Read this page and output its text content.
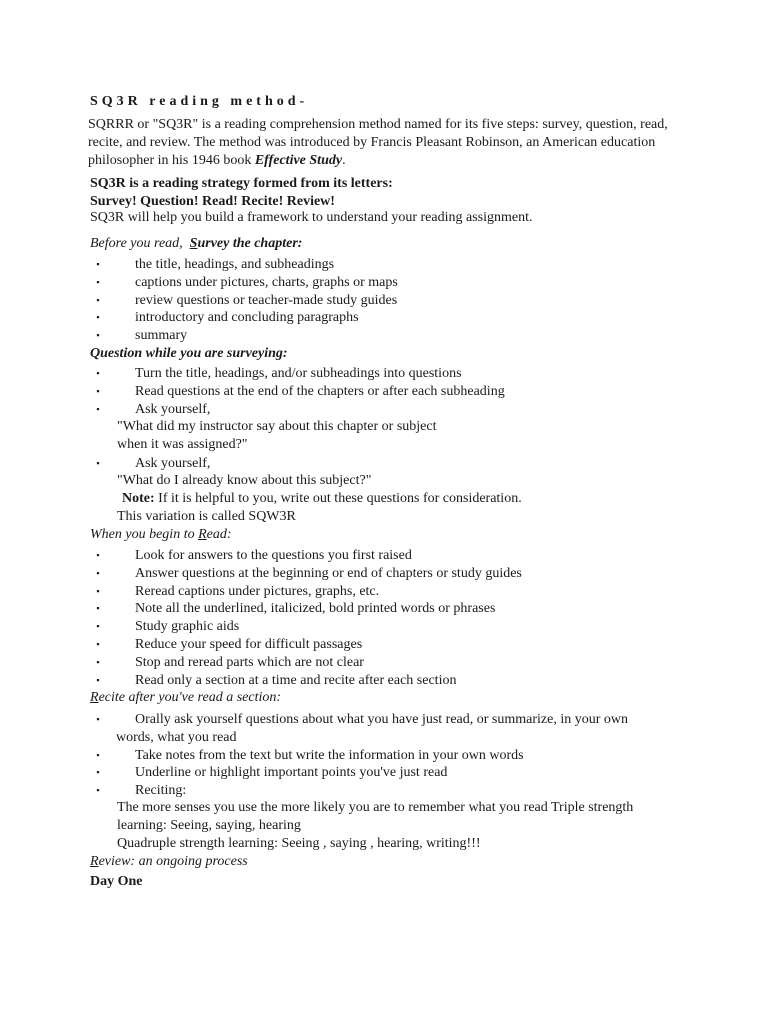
SQ3R reading method-
SQRRR or "SQ3R" is a reading comprehension method named for its five steps: survey, question, read, recite, and review. The method was introduced by Francis Pleasant Robinson, an American education philosopher in his 1946 book Effective Study.
SQ3R is a reading strategy formed from its letters:
Survey! Question! Read! Recite! Review!
SQ3R will help you build a framework to understand your reading assignment.
Before you read, Survey the chapter:
▪	the title, headings, and subheadings
▪	captions under pictures, charts, graphs or maps
▪	review questions or teacher-made study guides
▪	introductory and concluding paragraphs
▪	summary
Question while you are surveying:
▪	Turn the title, headings, and/or subheadings into questions
▪	Read questions at the end of the chapters or after each subheading
▪	Ask yourself,
"What did my instructor say about this chapter or subject
when it was assigned?"
▪	Ask yourself,
"What do I already know about this subject?"
Note: If it is helpful to you, write out these questions for consideration.
This variation is called SQW3R
When you begin to Read:
▪	Look for answers to the questions you first raised
▪	Answer questions at the beginning or end of chapters or study guides
▪	Reread captions under pictures, graphs, etc.
▪	Note all the underlined, italicized, bold printed words or phrases
▪	Study graphic aids
▪	Reduce your speed for difficult passages
▪	Stop and reread parts which are not clear
▪	Read only a section at a time and recite after each section
Recite after you've read a section:
▪	Orally ask yourself questions about what you have just read, or summarize, in your own
words, what you read
▪	Take notes from the text but write the information in your own words
▪	Underline or highlight important points you've just read
▪	Reciting:
The more senses you use the more likely you are to remember what you read Triple strength
learning: Seeing, saying, hearing
Quadruple strength learning: Seeing , saying , hearing, writing!!!
Review: an ongoing process
Day One
